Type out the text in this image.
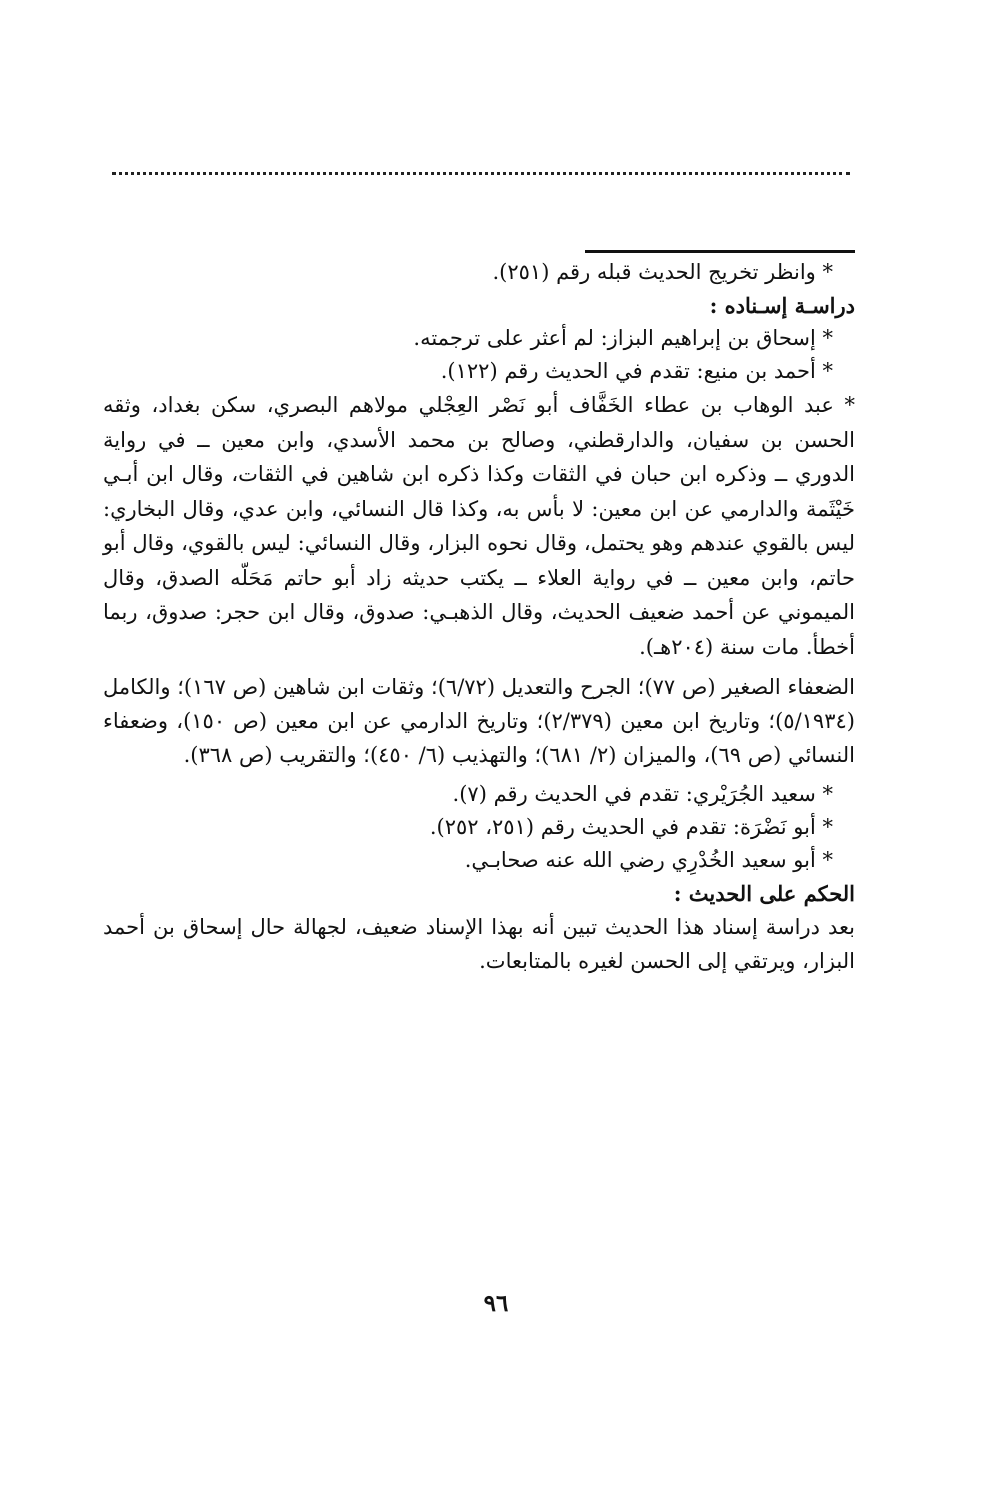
* وانظر تخريج الحديث قبله رقم (٢٥١).
دراسـة إسـناده :
* إسحاق بن إبراهيم البزاز: لم أعثر على ترجمته.
* أحمد بن منيع: تقدم في الحديث رقم (١٢٢).

* عبد الوهاب بن عطاء الخَفَّاف أبو نَصْر العِجْلي مولاهم البصري، سكن بغداد، وثقه الحسن بن سفيان، والدارقطني، وصالح بن محمد الأسدي، وابن معين ــ في رواية الدوري ــ وذكره ابن حبان في الثقات وكذا ذكره ابن شاهين في الثقات، وقال ابن أبـي خَيْثَمة والدارمي عن ابن معين: لا بأس به، وكذا قال النسائي، وابن عدي، وقال البخاري: ليس بالقوي عندهم وهو يحتمل، وقال نحوه البزار، وقال النسائي: ليس بالقوي، وقال أبو حاتم، وابن معين ــ في رواية العلاء ــ يكتب حديثه زاد أبو حاتم مَحَلّه الصدق، وقال الميموني عن أحمد ضعيف الحديث، وقال الذهبـي: صدوق، وقال ابن حجر: صدوق، ربما أخطأ. مات سنة (٢٠٤هـ).

الضعفاء الصغير (ص ٧٧)؛ الجرح والتعديل (٦/٧٢)؛ وثقات ابن شاهين (ص ١٦٧)؛ والكامل (٥/١٩٣٤)؛ وتاريخ ابن معين (٢/٣٧٩)؛ وتاريخ الدارمي عن ابن معين (ص ١٥٠)، وضعفاء النسائي (ص ٦٩)، والميزان (٢/ ٦٨١)؛ والتهذيب (٦/ ٤٥٠)؛ والتقريب (ص ٣٦٨).

* سعيد الجُرَيْري: تقدم في الحديث رقم (٧).
* أبو نَضْرَة: تقدم في الحديث رقم (٢٥١، ٢٥٢).
* أبو سعيد الخُدْرِي رضي الله عنه صحابـي.
الحكم على الحديث :

بعد دراسة إسناد هذا الحديث تبين أنه بهذا الإسناد ضعيف، لجهالة حال إسحاق بن أحمد البزار، ويرتقي إلى الحسن لغيره بالمتابعات.

٩٦
